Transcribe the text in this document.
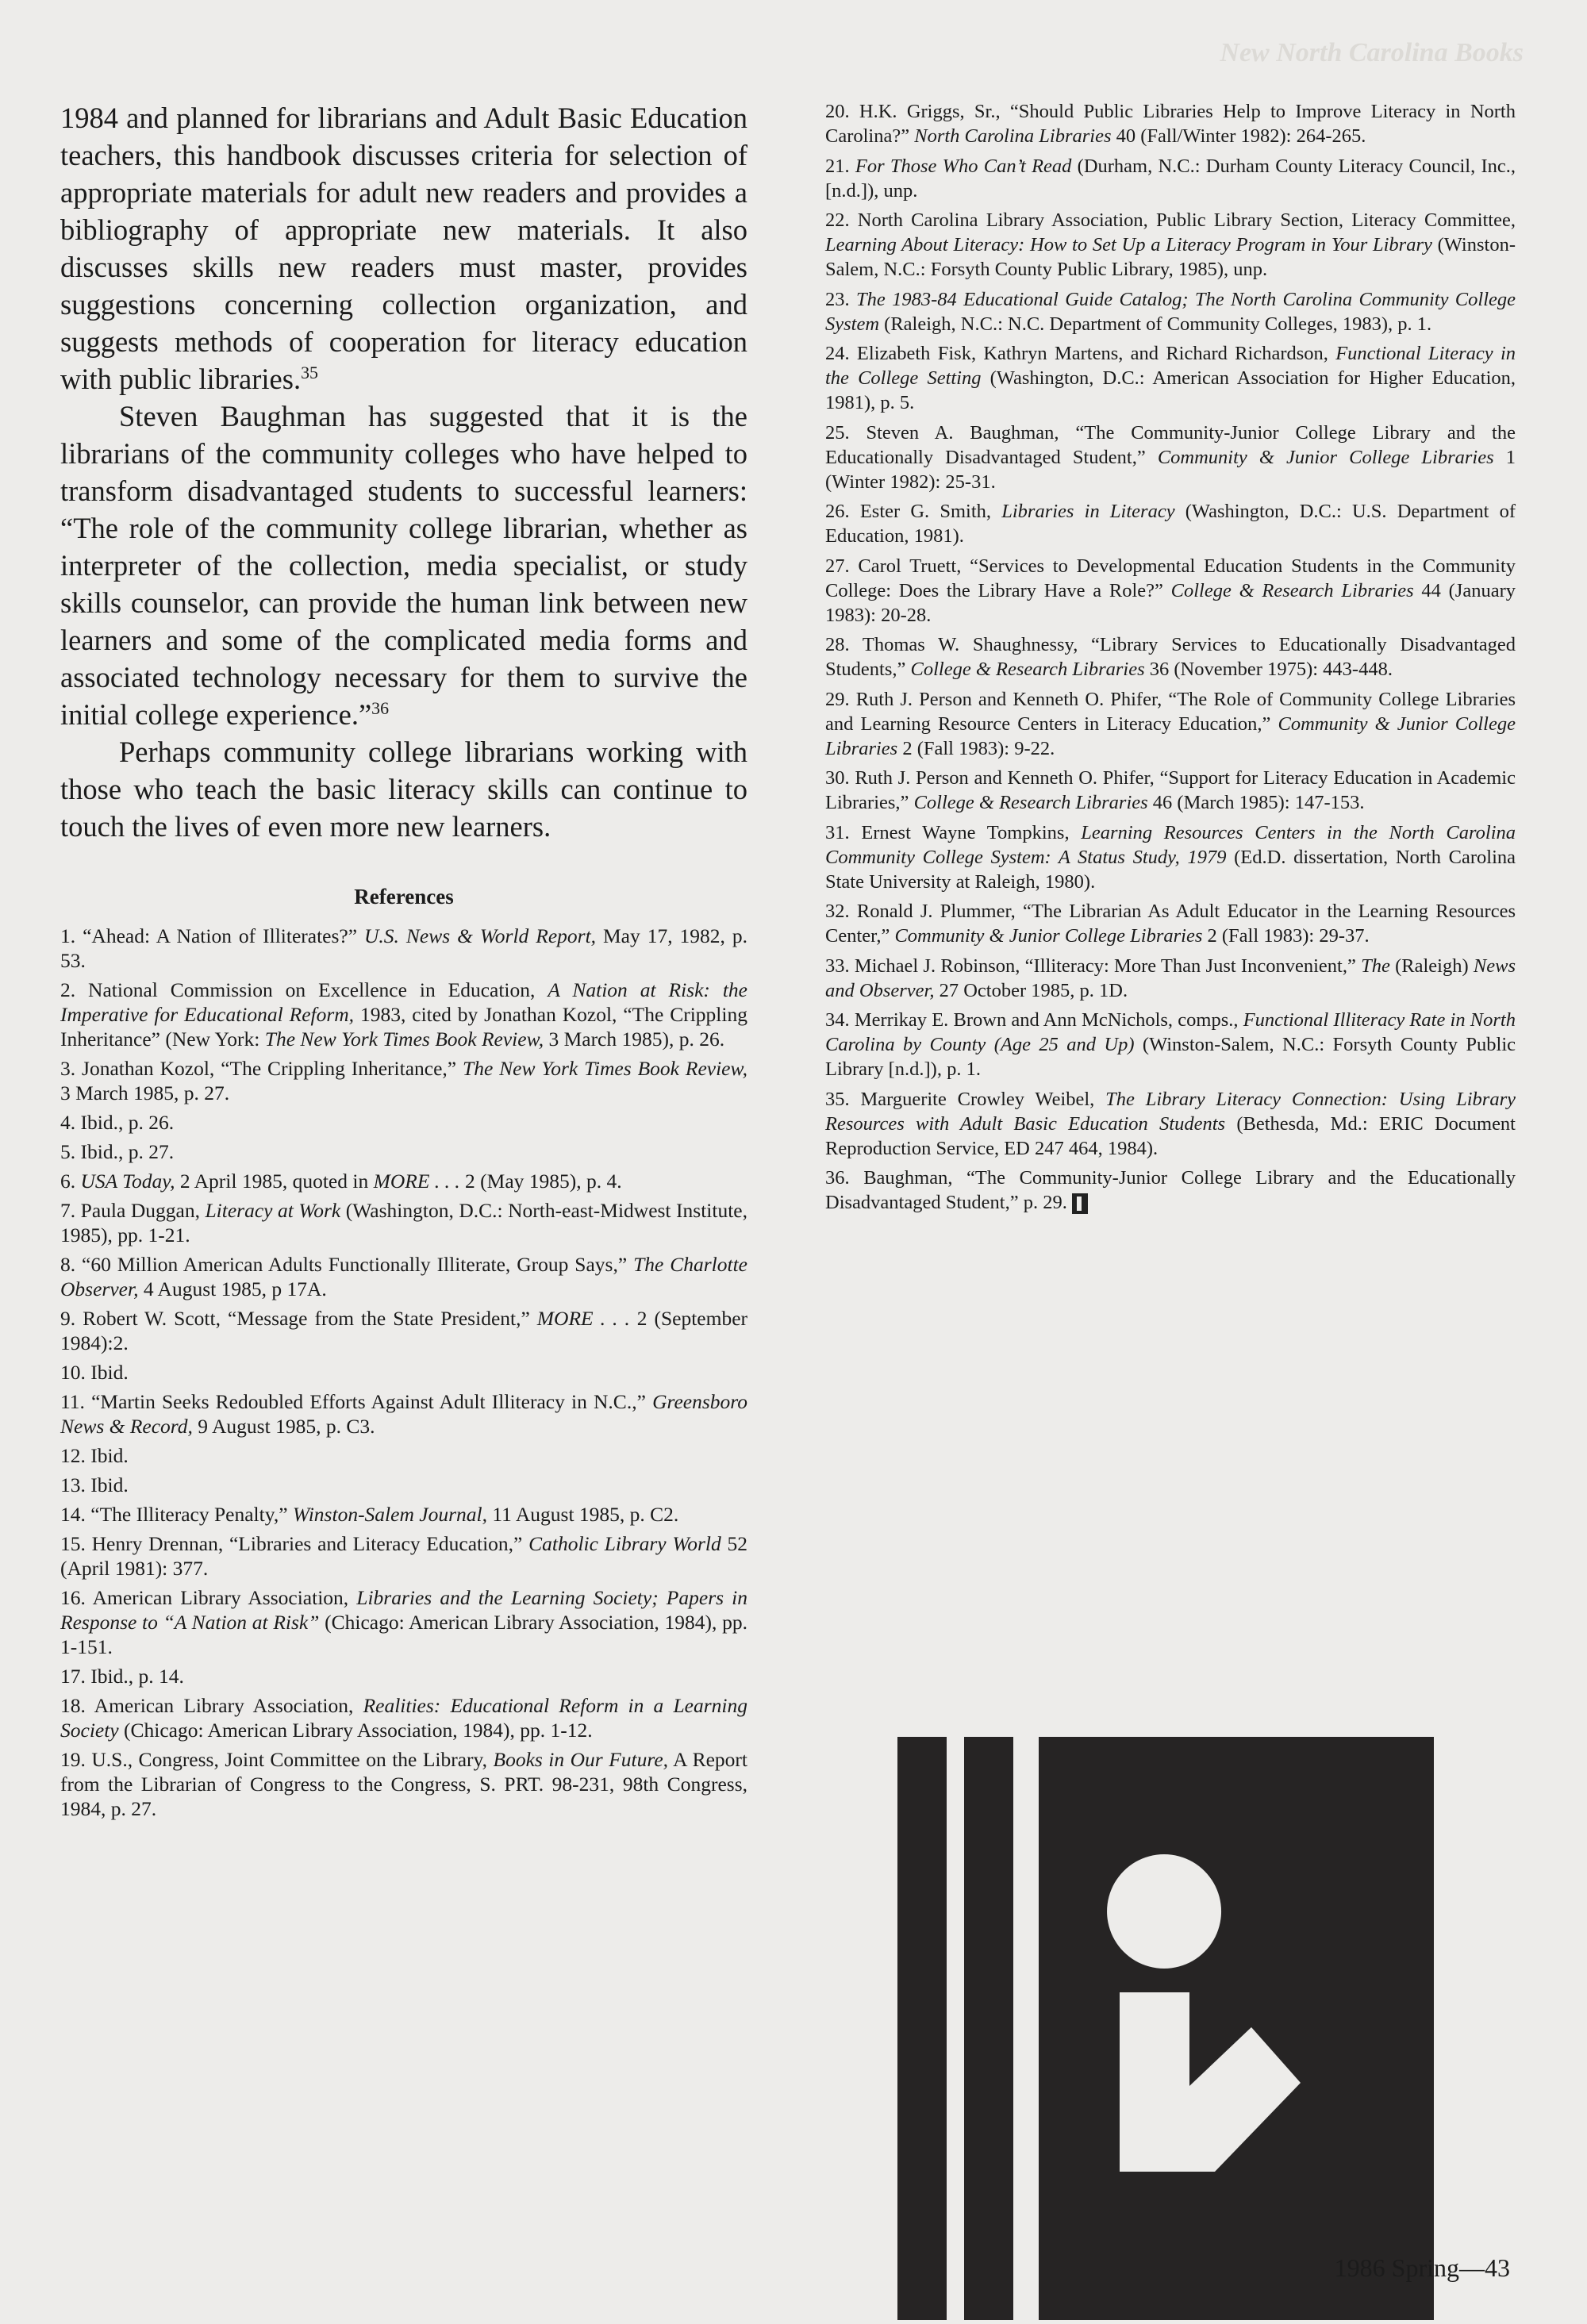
New North Carolina Books

1984 and planned for librarians and Adult Basic Education teachers, this handbook discusses criteria for selection of appropriate materials for adult new readers and provides a bibliography of appropriate new materials. It also discusses skills new readers must master, provides suggestions concerning collection organization, and suggests methods of cooperation for literacy education with public libraries.$^{35}$

Steven Baughman has suggested that it is the librarians of the community colleges who have helped to transform disadvantaged students to successful learners: “The role of the community college librarian, whether as interpreter of the collection, media specialist, or study skills counselor, can provide the human link between new learners and some of the complicated media forms and associated technology necessary for them to survive the initial college experience.”$^{36}$

Perhaps community college librarians working with those who teach the basic literacy skills can continue to touch the lives of even more new learners.

References

1. “Ahead: A Nation of Illiterates?” U.S. News & World Report, May 17, 1982, p. 53.

2. National Commission on Excellence in Education, A Nation at Risk: the Imperative for Educational Reform, 1983, cited by Jonathan Kozol, “The Crippling Inheritance” (New York: The New York Times Book Review, 3 March 1985), p. 26.

3. Jonathan Kozol, “The Crippling Inheritance,” The New York Times Book Review, 3 March 1985, p. 27.

4. Ibid., p. 26.

5. Ibid., p. 27.

6. USA Today, 2 April 1985, quoted in MORE . . . 2 (May 1985), p. 4.

7. Paula Duggan, Literacy at Work (Washington, D.C.: North-east-Midwest Institute, 1985), pp. 1-21.

8. “60 Million American Adults Functionally Illiterate, Group Says,” The Charlotte Observer, 4 August 1985, p 17A.

9. Robert W. Scott, “Message from the State President,” MORE . . . 2 (September 1984):2.

10. Ibid.

11. “Martin Seeks Redoubled Efforts Against Adult Illiteracy in N.C.,” Greensboro News & Record, 9 August 1985, p. C3.

12. Ibid.

13. Ibid.

14. “The Illiteracy Penalty,” Winston-Salem Journal, 11 August 1985, p. C2.

15. Henry Drennan, “Libraries and Literacy Education,” Catholic Library World 52 (April 1981): 377.

16. American Library Association, Libraries and the Learning Society; Papers in Response to “A Nation at Risk” (Chicago: American Library Association, 1984), pp. 1-151.

17. Ibid., p. 14.

18. American Library Association, Realities: Educational Reform in a Learning Society (Chicago: American Library Association, 1984), pp. 1-12.

19. U.S., Congress, Joint Committee on the Library, Books in Our Future, A Report from the Librarian of Congress to the Congress, S. PRT. 98-231, 98th Congress, 1984, p. 27.

20. H.K. Griggs, Sr., “Should Public Libraries Help to Improve Literacy in North Carolina?” North Carolina Libraries 40 (Fall/Winter 1982): 264-265.

21. For Those Who Can’t Read (Durham, N.C.: Durham County Literacy Council, Inc., [n.d.]), unp.

22. North Carolina Library Association, Public Library Section, Literacy Committee, Learning About Literacy: How to Set Up a Literacy Program in Your Library (Winston-Salem, N.C.: Forsyth County Public Library, 1985), unp.

23. The 1983-84 Educational Guide Catalog; The North Carolina Community College System (Raleigh, N.C.: N.C. Department of Community Colleges, 1983), p. 1.

24. Elizabeth Fisk, Kathryn Martens, and Richard Richardson, Functional Literacy in the College Setting (Washington, D.C.: American Association for Higher Education, 1981), p. 5.

25. Steven A. Baughman, “The Community-Junior College Library and the Educationally Disadvantaged Student,” Community & Junior College Libraries 1 (Winter 1982): 25-31.

26. Ester G. Smith, Libraries in Literacy (Washington, D.C.: U.S. Department of Education, 1981).

27. Carol Truett, “Services to Developmental Education Students in the Community College: Does the Library Have a Role?” College & Research Libraries 44 (January 1983): 20-28.

28. Thomas W. Shaughnessy, “Library Services to Educationally Disadvantaged Students,” College & Research Libraries 36 (November 1975): 443-448.

29. Ruth J. Person and Kenneth O. Phifer, “The Role of Community College Libraries and Learning Resource Centers in Literacy Education,” Community & Junior College Libraries 2 (Fall 1983): 9-22.

30. Ruth J. Person and Kenneth O. Phifer, “Support for Literacy Education in Academic Libraries,” College & Research Libraries 46 (March 1985): 147-153.

31. Ernest Wayne Tompkins, Learning Resources Centers in the North Carolina Community College System: A Status Study, 1979 (Ed.D. dissertation, North Carolina State University at Raleigh, 1980).

32. Ronald J. Plummer, “The Librarian As Adult Educator in the Learning Resources Center,” Community & Junior College Libraries 2 (Fall 1983): 29-37.

33. Michael J. Robinson, “Illiteracy: More Than Just Inconvenient,” The (Raleigh) News and Observer, 27 October 1985, p. 1D.

34. Merrikay E. Brown and Ann McNichols, comps., Functional Illiteracy Rate in North Carolina by County (Age 25 and Up) (Winston-Salem, N.C.: Forsyth County Public Library [n.d.]), p. 1.

35. Marguerite Crowley Weibel, The Library Literacy Connection: Using Library Resources with Adult Basic Education Students (Bethesda, Md.: ERIC Document Reproduction Service, ED 247 464, 1984).

36. Baughman, “The Community-Junior College Library and the Educationally Disadvantaged Student,” p. 29.

1986 Spring—43
